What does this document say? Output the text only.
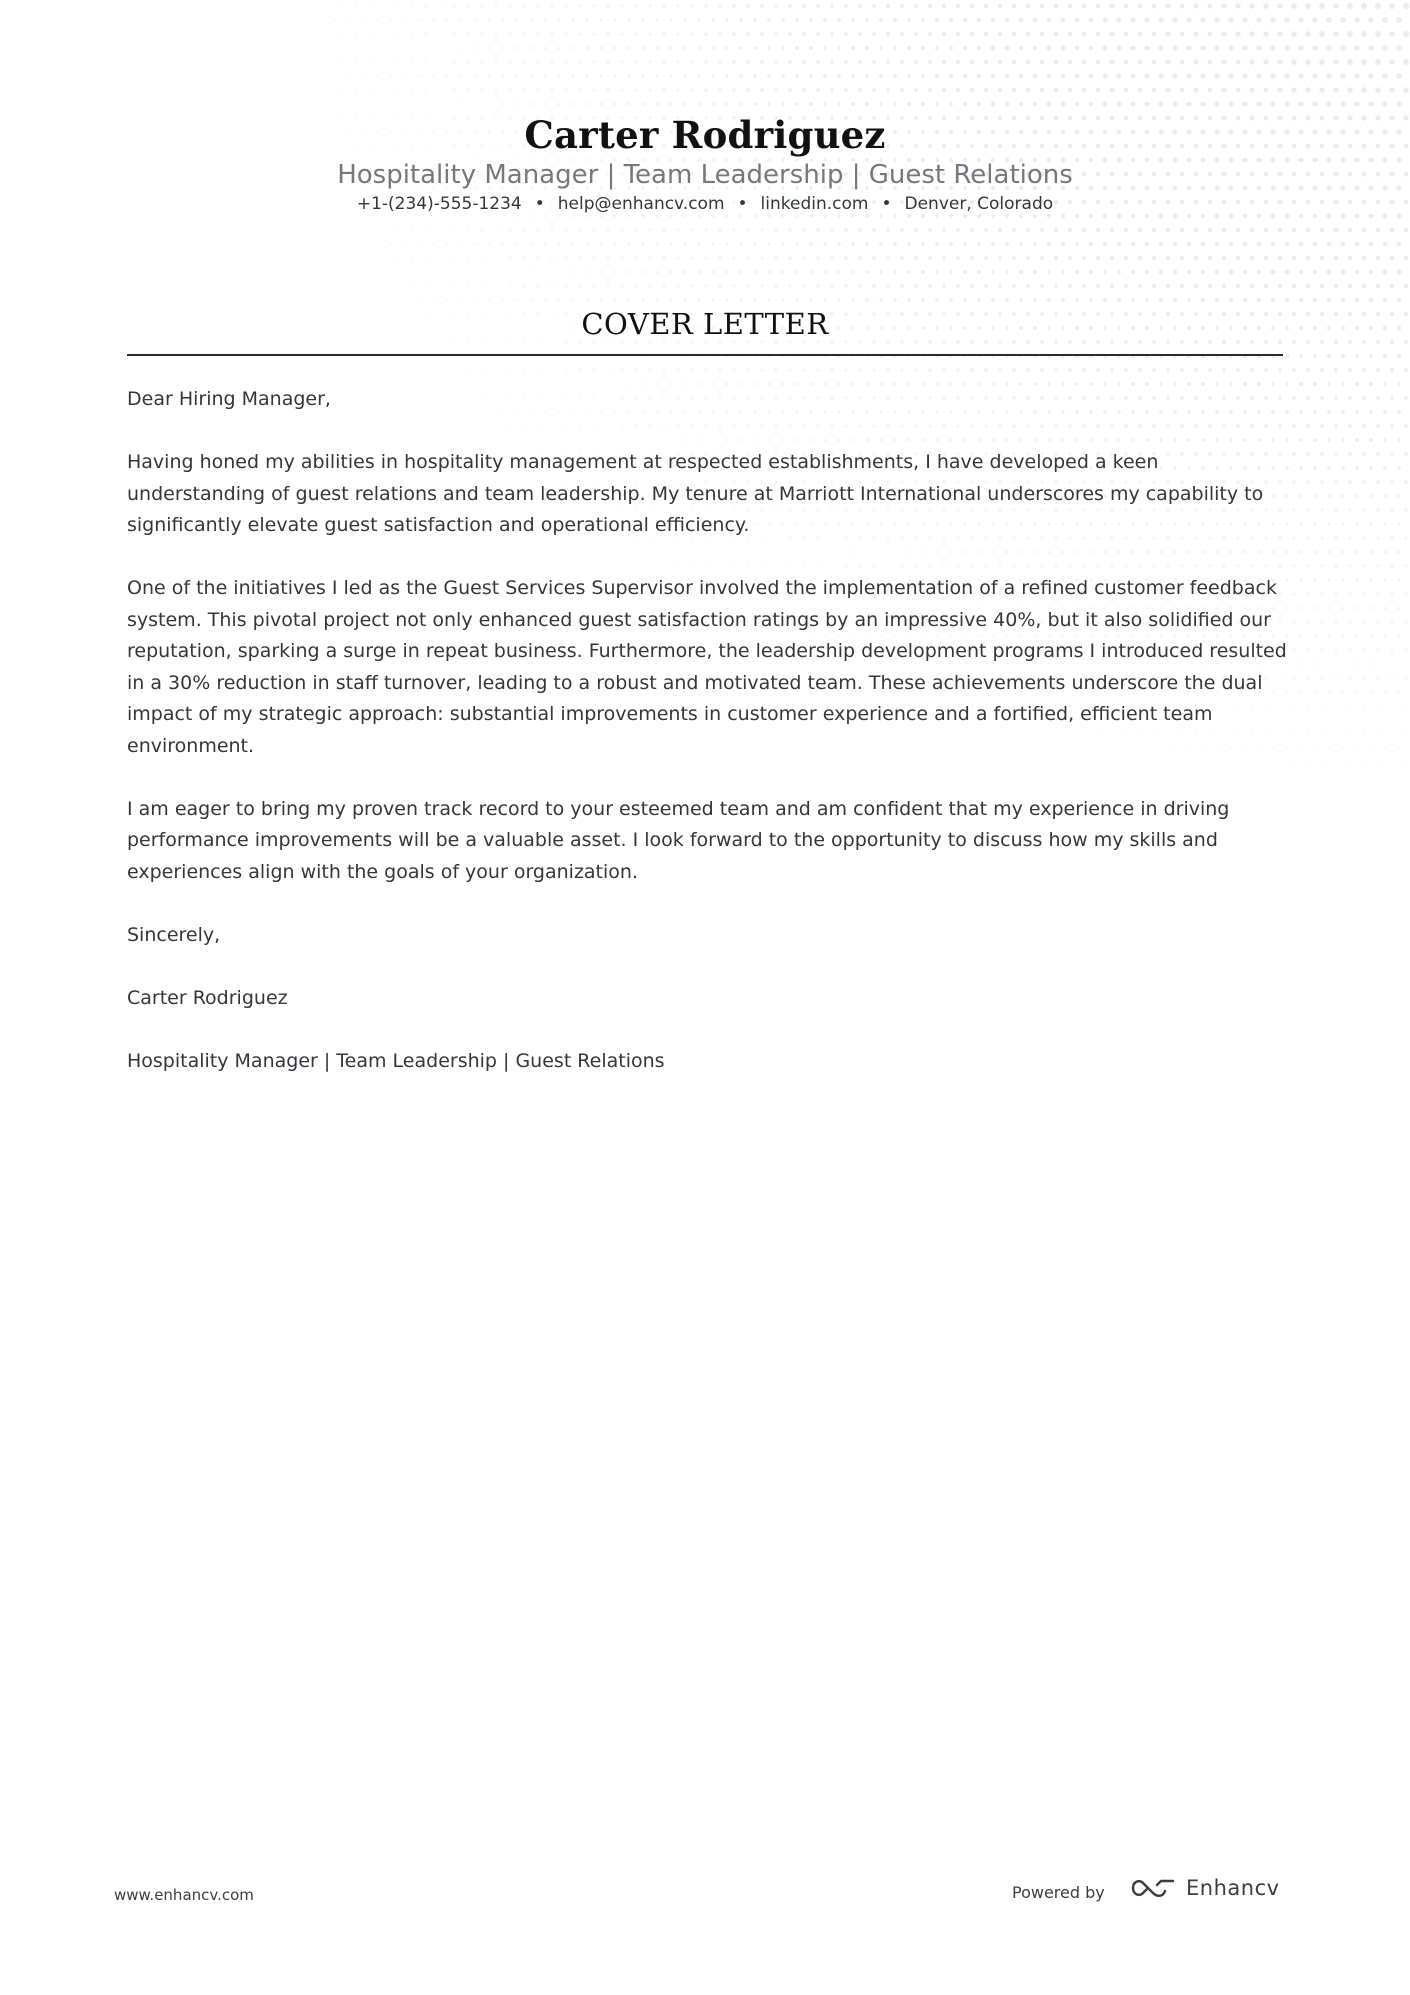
Carter Rodriguez
Hospitality Manager | Team Leadership | Guest Relations
+1-(234)-555-1234 • help@enhancv.com • linkedin.com • Denver, Colorado
COVER LETTER

Dear Hiring Manager,

Having honed my abilities in hospitality management at respected establishments, I have developed a keen understanding of guest relations and team leadership. My tenure at Marriott International underscores my capability to significantly elevate guest satisfaction and operational efficiency.

One of the initiatives I led as the Guest Services Supervisor involved the implementation of a refined customer feedback system. This pivotal project not only enhanced guest satisfaction ratings by an impressive 40%, but it also solidified our reputation, sparking a surge in repeat business. Furthermore, the leadership development programs I introduced resulted in a 30% reduction in staff turnover, leading to a robust and motivated team. These achievements underscore the dual impact of my strategic approach: substantial improvements in customer experience and a fortified, efficient team environment.

I am eager to bring my proven track record to your esteemed team and am confident that my experience in driving performance improvements will be a valuable asset. I look forward to the opportunity to discuss how my skills and experiences align with the goals of your organization.

Sincerely,

Carter Rodriguez

Hospitality Manager | Team Leadership | Guest Relations

www.enhancv.com	Powered by	Enhancv
